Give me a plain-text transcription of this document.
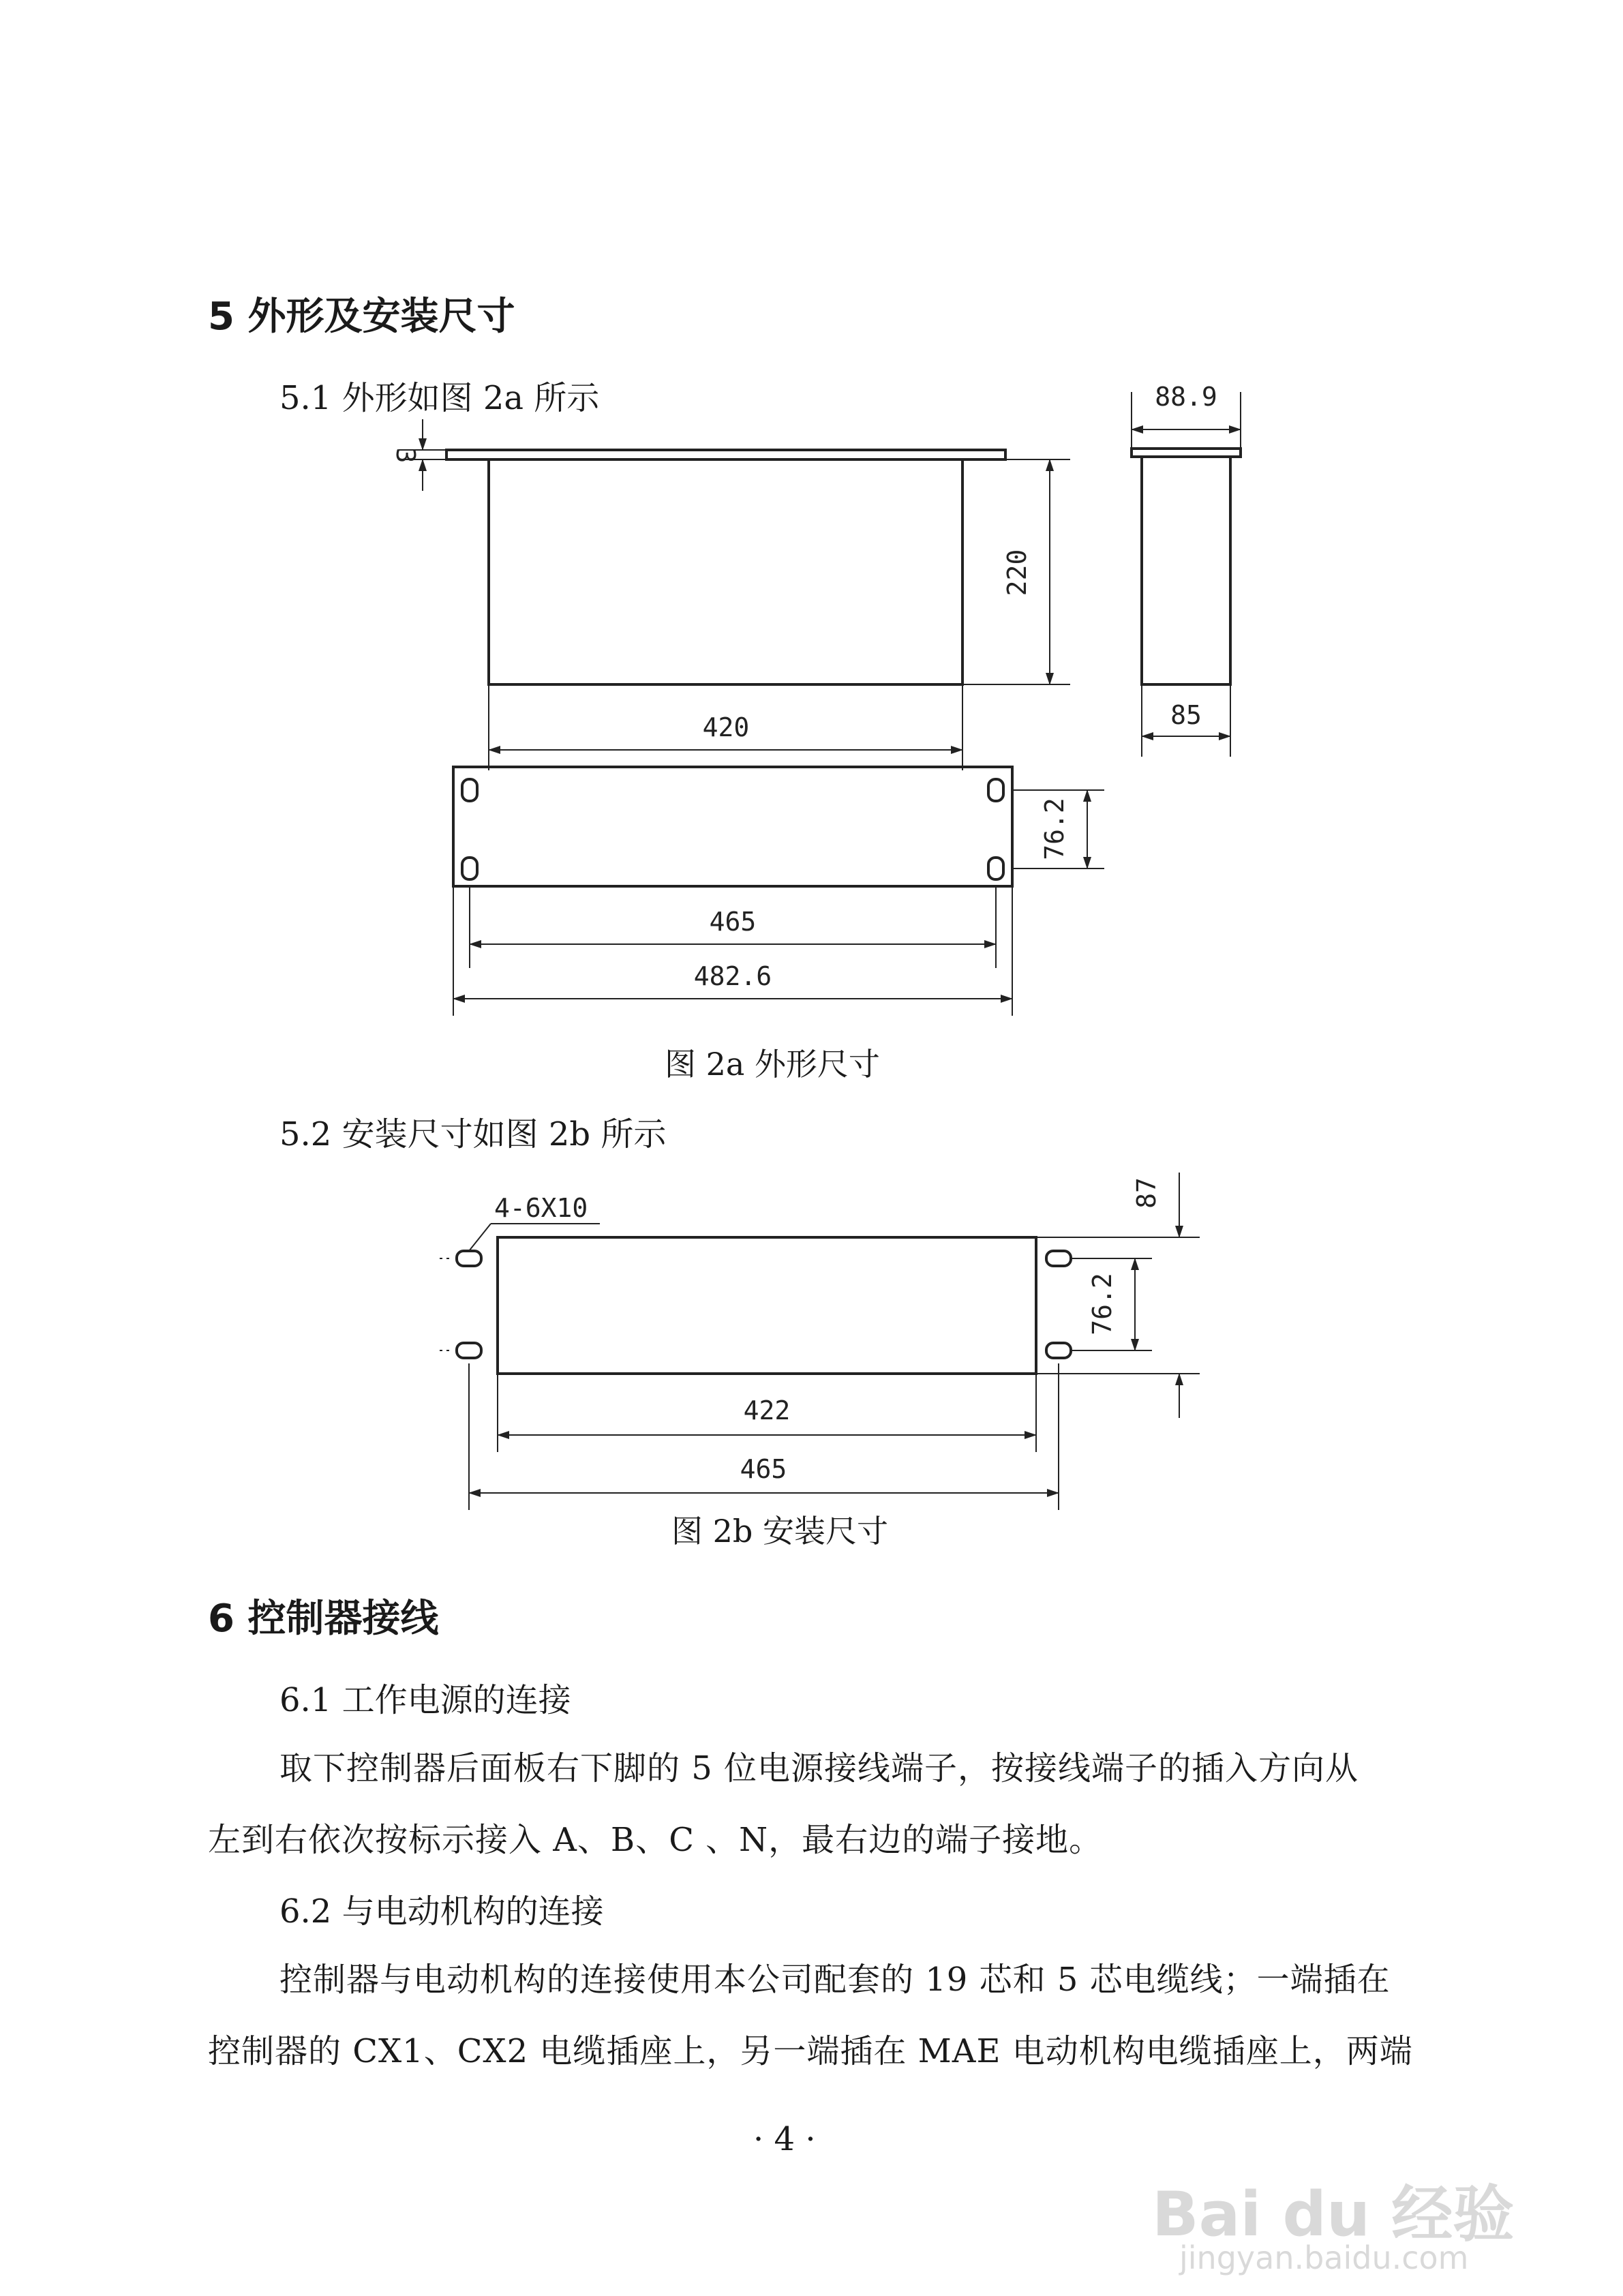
5 外形及安装尺寸
5.1 外形如图 2a 所示
3
88.9
220
85
420
76.2
465
482.6
4-6X10	87
76.2
422
465
图 2a 外形尺寸
5.2 安装尺寸如图 2b 所示
图 2b 安装尺寸
6 控制器接线
6.1 工作电源的连接
取下控制器后面板右下脚的 5 位电源接线端子，按接线端子的插入方向从
左到右依次按标示接入 A、B、C 、N，最右边的端子接地。
6.2 与电动机构的连接
控制器与电动机构的连接使用本公司配套的 19 芯和 5 芯电缆线；一端插在
控制器的 CX1、CX2 电缆插座上，另一端插在 MAE 电动机构电缆插座上，两端
· 4 ·
Bai du 经验
jingyan.baidu.com
